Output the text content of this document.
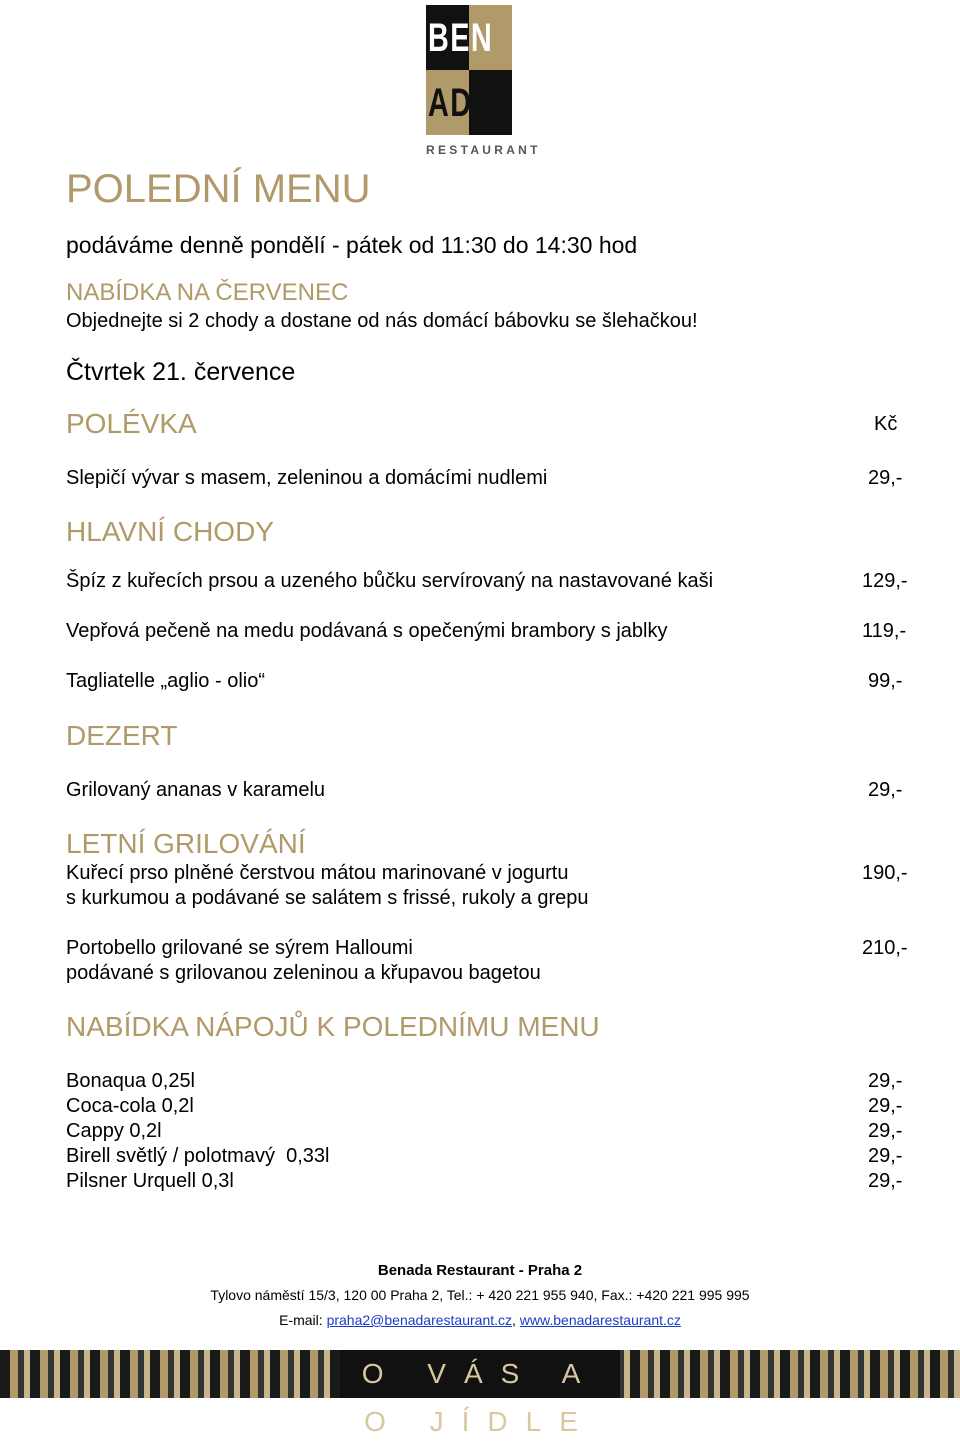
BEN
ADA
RESTAURANT
POLEDNÍ MENU
podáváme denně pondělí - pátek od 11:30 do 14:30 hod
NABÍDKA NA ČERVENEC
Objednejte si 2 chody a dostane od nás domácí bábovku se šlehačkou!
Čtvrtek 21. července
POLÉVKA	Kč
Slepičí vývar s masem, zeleninou a domácími nudlemi	29,-
HLAVNÍ CHODY
Špíz z kuřecích prsou a uzeného bůčku servírovaný na nastavované kaši	129,-
Vepřová pečeně na medu podávaná s opečenými brambory s jablky	119,-
Tagliatelle „aglio - olio“	99,-
DEZERT
Grilovaný ananas v karamelu	29,-
LETNÍ GRILOVÁNÍ
Kuřecí prso plněné čerstvou mátou marinované v jogurtu	190,-
s kurkumou a podávané se salátem s frissé, rukoly a grepu
Portobello grilované se sýrem Halloumi	210,-
podávané s grilovanou zeleninou a křupavou bagetou
NABÍDKA NÁPOJŮ K POLEDNÍMU MENU
Bonaqua 0,25l	29,-
Coca-cola 0,2l	29,-
Cappy 0,2l	29,-
Birell světlý / polotmavý  0,33l	29,-
Pilsner Urquell 0,3l	29,-
Benada Restaurant - Praha 2
Tylovo náměstí 15/3, 120 00 Praha 2, Tel.: + 420 221 955 940, Fax.: +420 221 995 995
E-mail: praha2@benadarestaurant.cz, www.benadarestaurant.cz
O VÁS A O JÍDLE
